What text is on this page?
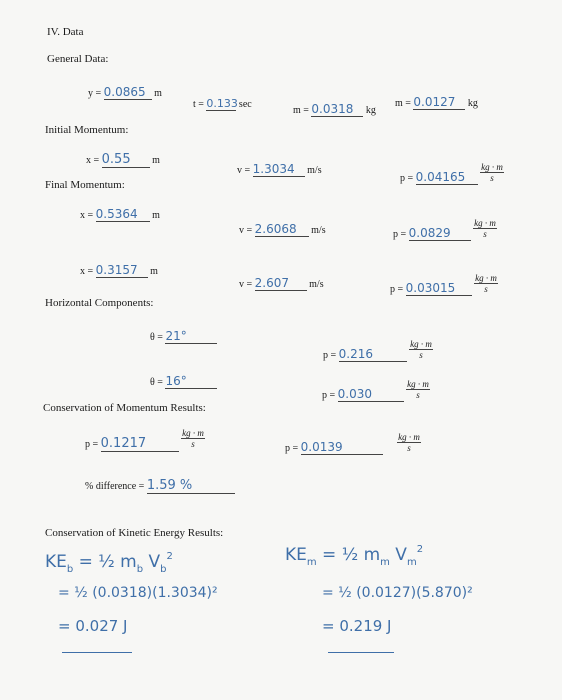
IV. Data
General Data:
y = 0.0865 m
t = 0.133 sec
m = 0.0318 kg
m = 0.0127 kg
Initial Momentum:
x = 0.55 m
v = 1.3034 m/s
$p = 0.04165 \frac{kg \cdot m}{s}$
Final Momentum:
x = 0.5364 m
v = 2.6068 m/s	p = 0.0829	$\frac{kg \cdot m}{s}$
x = 0.3157 m
v = 2.607 m/s	$p = 0.03015 \frac{kg \cdot m}{s}$
Horizontal Components:
θ = 21°
p = 0.216	$\frac{kg \cdot m}{s}$
θ = 16°
p = 0.030	$\frac{kg \cdot m}{s}$
Conservation of Momentum Results:
p = 0.1217	$\frac{kg \cdot m}{s}$	p = 0.0139	$\frac{kg \cdot m}{s}$
% difference = 1.59 %
Conservation of Kinetic Energy Results:
$KE_b$ = ½ $m_b$ $V_b^2$
= ½ (0.0318)(1.3034)²
= 0.027 J
$KE_m$ = ½ $m_m$ $V_m^2$
= ½ (0.0127)(5.870)²
= 0.219 J
